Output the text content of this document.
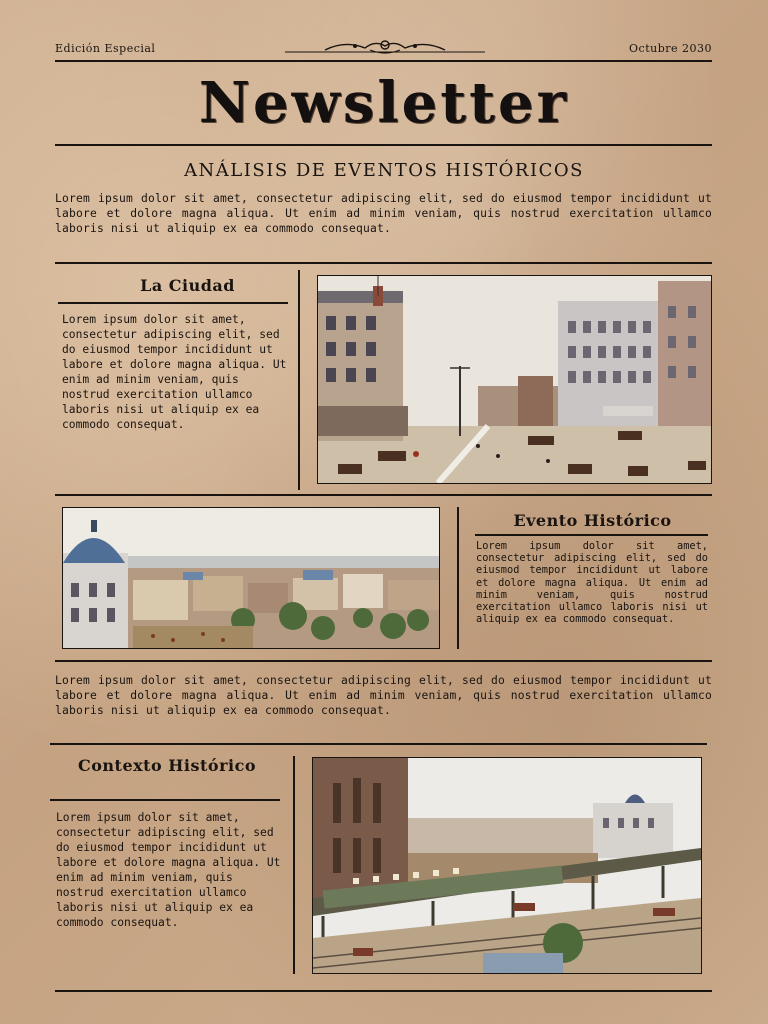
Edición Especial	Octubre 2030
Newsletter
ANÁLISIS DE EVENTOS HISTÓRICOS
Lorem ipsum dolor sit amet, consectetur adipiscing elit, sed do eiusmod tempor incididunt ut labore et dolore magna aliqua. Ut enim ad minim veniam, quis nostrud exercitation ullamco laboris nisi ut aliquip ex ea commodo consequat.
La Ciudad
Lorem ipsum dolor sit amet, consectetur adipiscing elit, sed do eiusmod tempor incididunt ut labore et dolore magna aliqua. Ut enim ad minim veniam, quis nostrud exercitation ullamco laboris nisi ut aliquip ex ea commodo consequat.
Evento Histórico
Lorem ipsum dolor sit amet, consectetur adipiscing elit, sed do eiusmod tempor incididunt ut labore et dolore magna aliqua. Ut enim ad minim veniam, quis nostrud exercitation ullamco laboris nisi ut aliquip ex ea commodo consequat.
Lorem ipsum dolor sit amet, consectetur adipiscing elit, sed do eiusmod tempor incididunt ut labore et dolore magna aliqua. Ut enim ad minim veniam, quis nostrud exercitation ullamco laboris nisi ut aliquip ex ea commodo consequat.
Contexto Histórico
Lorem ipsum dolor sit amet, consectetur adipiscing elit, sed do eiusmod tempor incididunt ut labore et dolore magna aliqua. Ut enim ad minim veniam, quis nostrud exercitation ullamco laboris nisi ut aliquip ex ea commodo consequat.
